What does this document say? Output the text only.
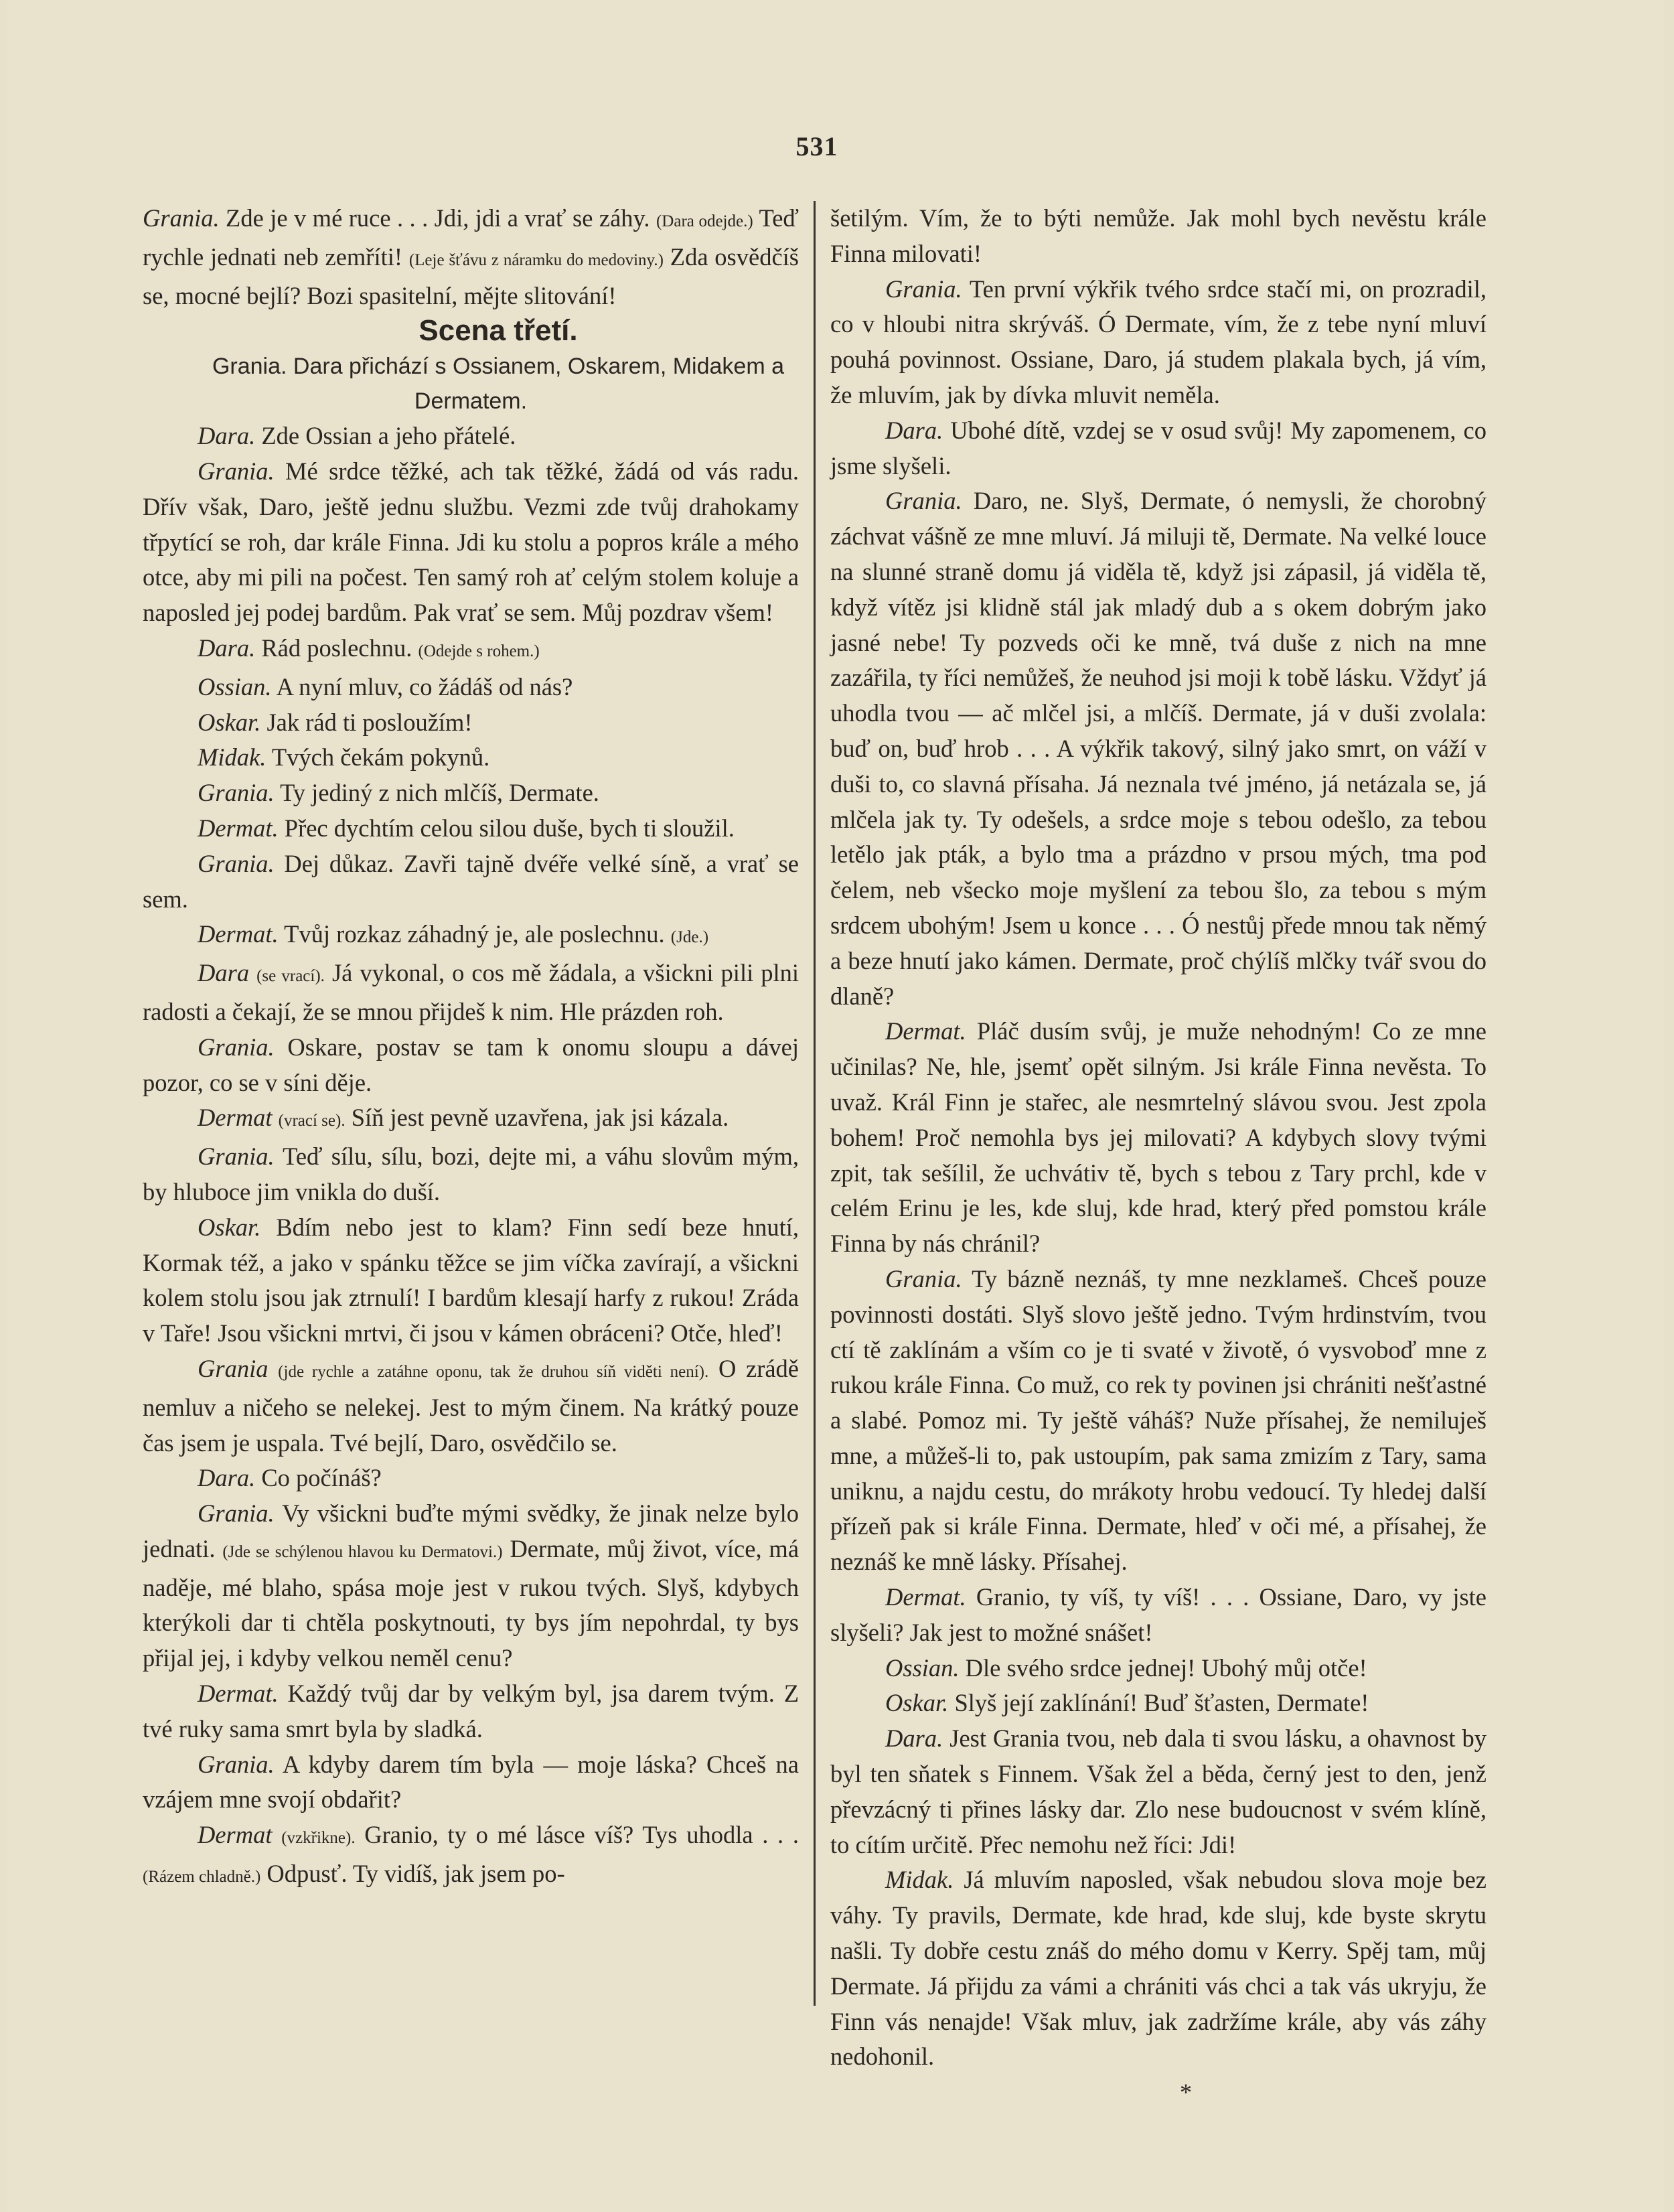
531

Grania. Zde je v mé ruce . . . Jdi, jdi a vrať se záhy. (Dara odejde.) Teď rychle jednati neb zemříti! (Leje šťávu z náramku do medoviny.) Zda osvědčíš se, mocné bejlí? Bozi spasitelní, mějte slitování!

Scena třetí.

Grania. Dara přichází s Ossianem, Oskarem, Midakem a Dermatem.

Dara. Zde Ossian a jeho přátelé.

Grania. Mé srdce těžké, ach tak těžké, žádá od vás radu. Dřív však, Daro, ještě jednu službu. Vezmi zde tvůj drahokamy třpytící se roh, dar krále Finna. Jdi ku stolu a popros krále a mého otce, aby mi pili na počest. Ten samý roh ať celým stolem koluje a naposled jej podej bardům. Pak vrať se sem. Můj pozdrav všem!

Dara. Rád poslechnu. (Odejde s rohem.)

Ossian. A nyní mluv, co žádáš od nás?

Oskar. Jak rád ti posloužím!

Midak. Tvých čekám pokynů.

Grania. Ty jediný z nich mlčíš, Dermate.

Dermat. Přec dychtím celou silou duše, bych ti sloužil.

Grania. Dej důkaz. Zavři tajně dvéře velké síně, a vrať se sem.

Dermat. Tvůj rozkaz záhadný je, ale poslechnu. (Jde.)

Dara (se vrací). Já vykonal, o cos mě žádala, a všickni pili plni radosti a čekají, že se mnou přijdeš k nim. Hle prázden roh.

Grania. Oskare, postav se tam k onomu sloupu a dávej pozor, co se v síni děje.

Dermat (vrací se). Síň jest pevně uzavřena, jak jsi kázala.

Grania. Teď sílu, sílu, bozi, dejte mi, a váhu slovům mým, by hluboce jim vnikla do duší.

Oskar. Bdím nebo jest to klam? Finn sedí beze hnutí, Kormak též, a jako v spánku těžce se jim víčka zavírají, a všickni kolem stolu jsou jak ztrnulí! I bardům klesají harfy z rukou! Zráda v Taře! Jsou všickni mrtvi, či jsou v kámen obráceni? Otče, hleď!

Grania (jde rychle a zatáhne oponu, tak že druhou síň viděti není). O zrádě nemluv a ničeho se nelekej. Jest to mým činem. Na krátký pouze čas jsem je uspala. Tvé bejlí, Daro, osvědčilo se.

Dara. Co počínáš?

Grania. Vy všickni buďte mými svědky, že jinak nelze bylo jednati. (Jde se schýlenou hlavou ku Dermatovi.) Dermate, můj život, více, má naděje, mé blaho, spása moje jest v rukou tvých. Slyš, kdybych kterýkoli dar ti chtěla poskytnouti, ty bys jím nepohrdal, ty bys přijal jej, i kdyby velkou neměl cenu?

Dermat. Každý tvůj dar by velkým byl, jsa darem tvým. Z tvé ruky sama smrt byla by sladká.

Grania. A kdyby darem tím byla — moje láska? Chceš na vzájem mne svojí obdařit?

Dermat (vzkřikne). Granio, ty o mé lásce víš? Tys uhodla . . . (Rázem chladně.) Odpusť. Ty vidíš, jak jsem po-

šetilým. Vím, že to býti nemůže. Jak mohl bych nevěstu krále Finna milovati!

Grania. Ten první výkřik tvého srdce stačí mi, on prozradil, co v hloubi nitra skrýváš. Ó Dermate, vím, že z tebe nyní mluví pouhá povinnost. Ossiane, Daro, já studem plakala bych, já vím, že mluvím, jak by dívka mluvit neměla.

Dara. Ubohé dítě, vzdej se v osud svůj! My zapomenem, co jsme slyšeli.

Grania. Daro, ne. Slyš, Dermate, ó nemysli, že chorobný záchvat vášně ze mne mluví. Já miluji tě, Dermate. Na velké louce na slunné straně domu já viděla tě, když jsi zápasil, já viděla tě, když vítěz jsi klidně stál jak mladý dub a s okem dobrým jako jasné nebe! Ty pozveds oči ke mně, tvá duše z nich na mne zazářila, ty říci nemůžeš, že neuhod jsi moji k tobě lásku. Vždyť já uhodla tvou — ač mlčel jsi, a mlčíš. Dermate, já v duši zvolala: buď on, buď hrob . . . A výkřik takový, silný jako smrt, on váží v duši to, co slavná přísaha. Já neznala tvé jméno, já netázala se, já mlčela jak ty. Ty odešels, a srdce moje s tebou odešlo, za tebou letělo jak pták, a bylo tma a prázdno v prsou mých, tma pod čelem, neb všecko moje myšlení za tebou šlo, za tebou s mým srdcem ubohým! Jsem u konce . . . Ó nestůj přede mnou tak němý a beze hnutí jako kámen. Dermate, proč chýlíš mlčky tvář svou do dlaně?

Dermat. Pláč dusím svůj, je muže nehodným! Co ze mne učinilas? Ne, hle, jsemť opět silným. Jsi krále Finna nevěsta. To uvaž. Král Finn je stařec, ale nesmrtelný slávou svou. Jest zpola bohem! Proč nemohla bys jej milovati? A kdybych slovy tvými zpit, tak sešílil, že uchvátiv tě, bych s tebou z Tary prchl, kde v celém Erinu je les, kde sluj, kde hrad, který před pomstou krále Finna by nás chránil?

Grania. Ty bázně neznáš, ty mne nezklameš. Chceš pouze povinnosti dostáti. Slyš slovo ještě jedno. Tvým hrdinstvím, tvou ctí tě zaklínám a vším co je ti svaté v životě, ó vysvoboď mne z rukou krále Finna. Co muž, co rek ty povinen jsi chrániti nešťastné a slabé. Pomoz mi. Ty ještě váháš? Nuže přísahej, že nemiluješ mne, a můžeš-li to, pak ustoupím, pak sama zmizím z Tary, sama uniknu, a najdu cestu, do mrákoty hrobu vedoucí. Ty hledej další přízeň pak si krále Finna. Dermate, hleď v oči mé, a přísahej, že neznáš ke mně lásky. Přísahej.

Dermat. Granio, ty víš, ty víš! . . . Ossiane, Daro, vy jste slyšeli? Jak jest to možné snášet!

Ossian. Dle svého srdce jednej! Ubohý můj otče!

Oskar. Slyš její zaklínání! Buď šťasten, Dermate!

Dara. Jest Grania tvou, neb dala ti svou lásku, a ohavnost by byl ten sňatek s Finnem. Však žel a běda, černý jest to den, jenž převzácný ti přines lásky dar. Zlo nese budoucnost v svém klíně, to cítím určitě. Přec nemohu než říci: Jdi!

Midak. Já mluvím naposled, však nebudou slova moje bez váhy. Ty pravils, Dermate, kde hrad, kde sluj, kde byste skrytu našli. Ty dobře cestu znáš do mého domu v Kerry. Spěj tam, můj Dermate. Já přijdu za vámi a chrániti vás chci a tak vás ukryju, že Finn vás nenajde! Však mluv, jak zadržíme krále, aby vás záhy nedohonil.

*
